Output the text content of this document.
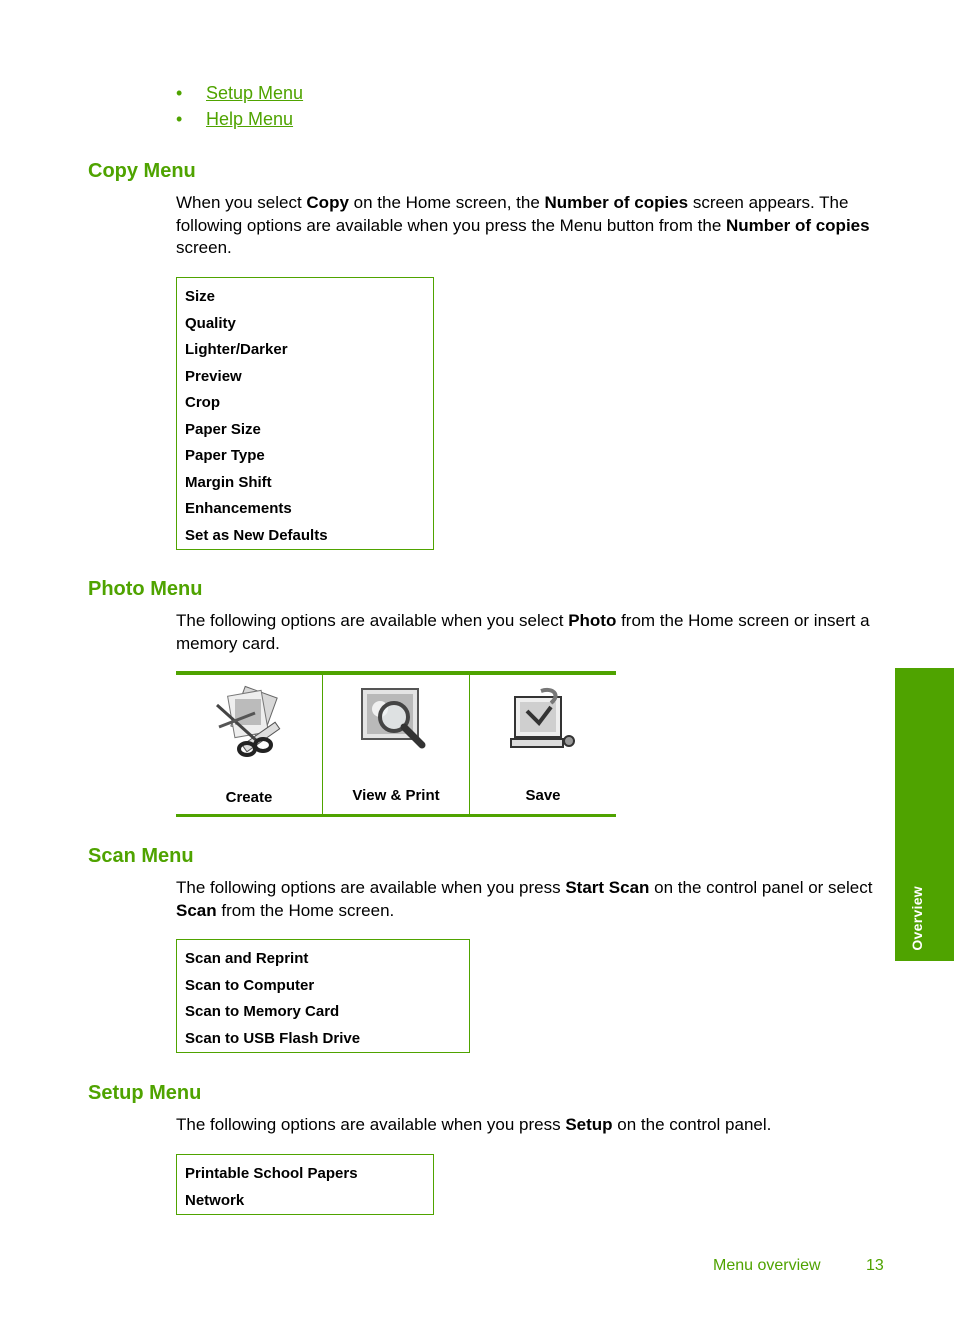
•	Setup Menu
•	Help Menu
Copy Menu

When you select Copy on the Home screen, the Number of copies screen appears. The following options are available when you press the Menu button from the Number of copies screen.

Size
Quality
Lighter/Darker
Preview
Crop
Paper Size
Paper Type
Margin Shift
Enhancements
Set as New Defaults
Photo Menu

The following options are available when you select Photo from the Home screen or insert a memory card.

Create	View & Print	Save
Scan Menu

The following options are available when you press Start Scan on the control panel or select Scan from the Home screen.

Scan and Reprint
Scan to Computer
Scan to Memory Card
Scan to USB Flash Drive
Setup Menu

The following options are available when you press Setup on the control panel.

Printable School Papers
Network
Overview
Menu overview	13
